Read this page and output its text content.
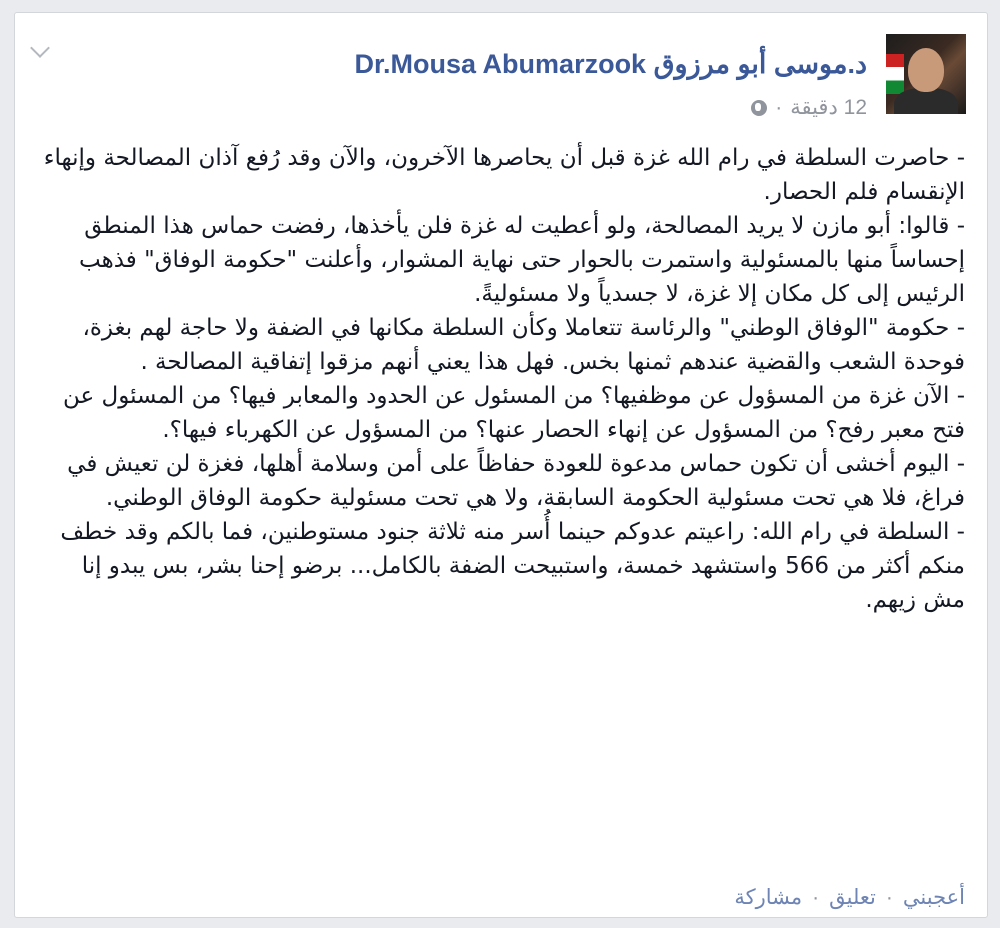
Dr.Mousa Abumarzook د.موسى أبو مرزوق
12 دقيقة
·

- حاصرت السلطة في رام الله غزة قبل أن يحاصرها الآخرون، والآن وقد رُفع آذان المصالحة وإنهاء الإنقسام فلم الحصار.

- قالوا: أبو مازن لا يريد المصالحة، ولو أعطيت له غزة فلن يأخذها، رفضت حماس هذا المنطق إحساساً منها بالمسئولية واستمرت بالحوار حتى نهاية المشوار، وأعلنت "حكومة الوفاق" فذهب الرئيس إلى كل مكان إلا غزة، لا جسدياً ولا مسئوليةً.

- حكومة "الوفاق الوطني" والرئاسة تتعاملا وكأن السلطة مكانها في الضفة ولا حاجة لهم بغزة، فوحدة الشعب والقضية عندهم ثمنها بخس. فهل هذا يعني أنهم مزقوا إتفاقية المصالحة .

- الآن غزة من المسؤول عن موظفيها؟ من المسئول عن الحدود والمعابر فيها؟ من المسئول عن فتح معبر رفح؟ من المسؤول عن إنهاء الحصار عنها؟ من المسؤول عن الكهرباء فيها؟.

- اليوم أخشى أن تكون حماس مدعوة للعودة حفاظاً على أمن وسلامة أهلها، فغزة لن تعيش في فراغ، فلا هي تحت مسئولية الحكومة السابقة، ولا هي تحت مسئولية حكومة الوفاق الوطني.

- السلطة في رام الله: راعيتم عدوكم حينما أُسر منه ثلاثة جنود مستوطنين، فما بالكم وقد خطف منكم أكثر من 566 واستشهد خمسة، واستبيحت الضفة بالكامل... برضو إحنا بشر، بس يبدو إنا مش زيهم.

أعجبني
·
تعليق
·
مشاركة
